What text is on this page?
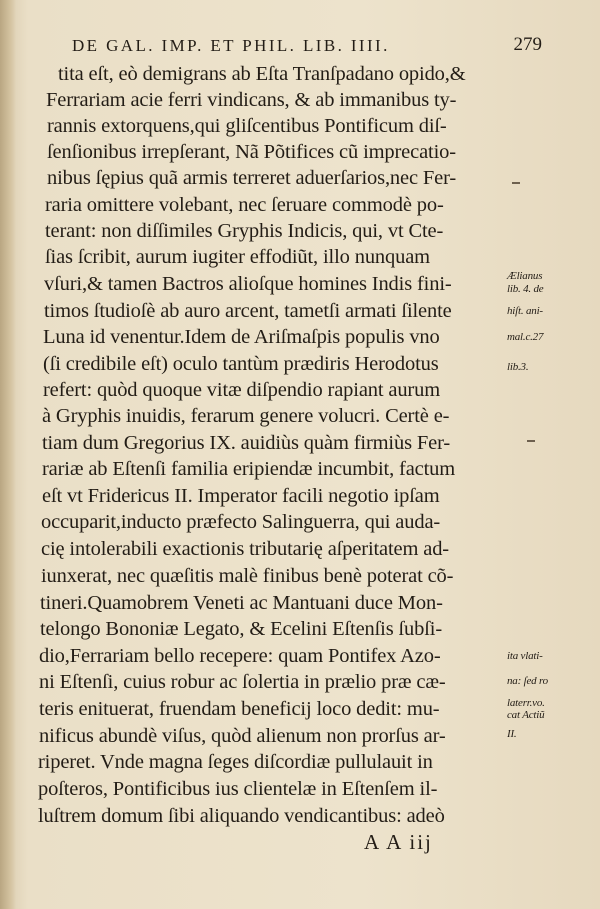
DE GAL. IMP. ET PHIL. LIB. IIII.	279
tita eſt, eò demigrans ab Eſta Tranſpadano opido,&
Ferrariam acie ferri vindicans, & ab immanibus ty-
rannis extorquens,qui gliſcentibus Pontificum diſ-
ſenſionibus irrepſerant, Nã Põtifices cũ imprecatio-
nibus ſępius quã armis terreret aduerſarios,nec Fer-
raria omittere volebant, nec ſeruare commodè po-
terant: non diſſimiles Gryphis Indicis, qui, vt Cte-
ſias ſcribit, aurum iugiter effodiũt, illo nunquam
vſuri,& tamen Bactros alioſque homines Indis fini-
timos ſtudioſè ab auro arcent, tametſi armati ſilente
Luna id venentur.Idem de Ariſmaſpis populis vno
(ſi credibile eſt) oculo tantùm prædiris Herodotus
refert: quòd quoque vitæ diſpendio rapiant aurum
à Gryphis inuidis, ferarum genere volucri. Certè e-
tiam dum Gregorius IX. auidiùs quàm firmiùs Fer-
rariæ ab Eſtenſi familia eripiendæ incumbit, factum
eſt vt Fridericus II. Imperator facili negotio ipſam
occuparit,inducto præfecto Salinguerra, qui auda-
cię intolerabili exactionis tributarię aſperitatem ad-
iunxerat, nec quæſitis malè finibus benè poterat cõ-
tineri.Quamobrem Veneti ac Mantuani duce Mon-
telongo Bononiæ Legato, & Ecelini Eſtenſis ſubſi-
dio,Ferrariam bello recepere: quam Pontifex Azo-
ni Eſtenſi, cuius robur ac ſolertia in prælio præ cæ-
teris enituerat, fruendam beneficij loco dedit: mu-
nificus abundè viſus, quòd alienum non prorſus ar-
riperet. Vnde magna ſeges diſcordiæ pullulauit in
poſteros, Pontificibus ius clientelæ in Eſtenſem il-
luſtrem domum ſibi aliquando vendicantibus: adeò
Ælianus
lib. 4. de
hiſt. ani-
mal.c.27
lib.3.
ita vlati-
na: ſed ro
laterr.vo.
cat Actiũ
II.
A A iij
